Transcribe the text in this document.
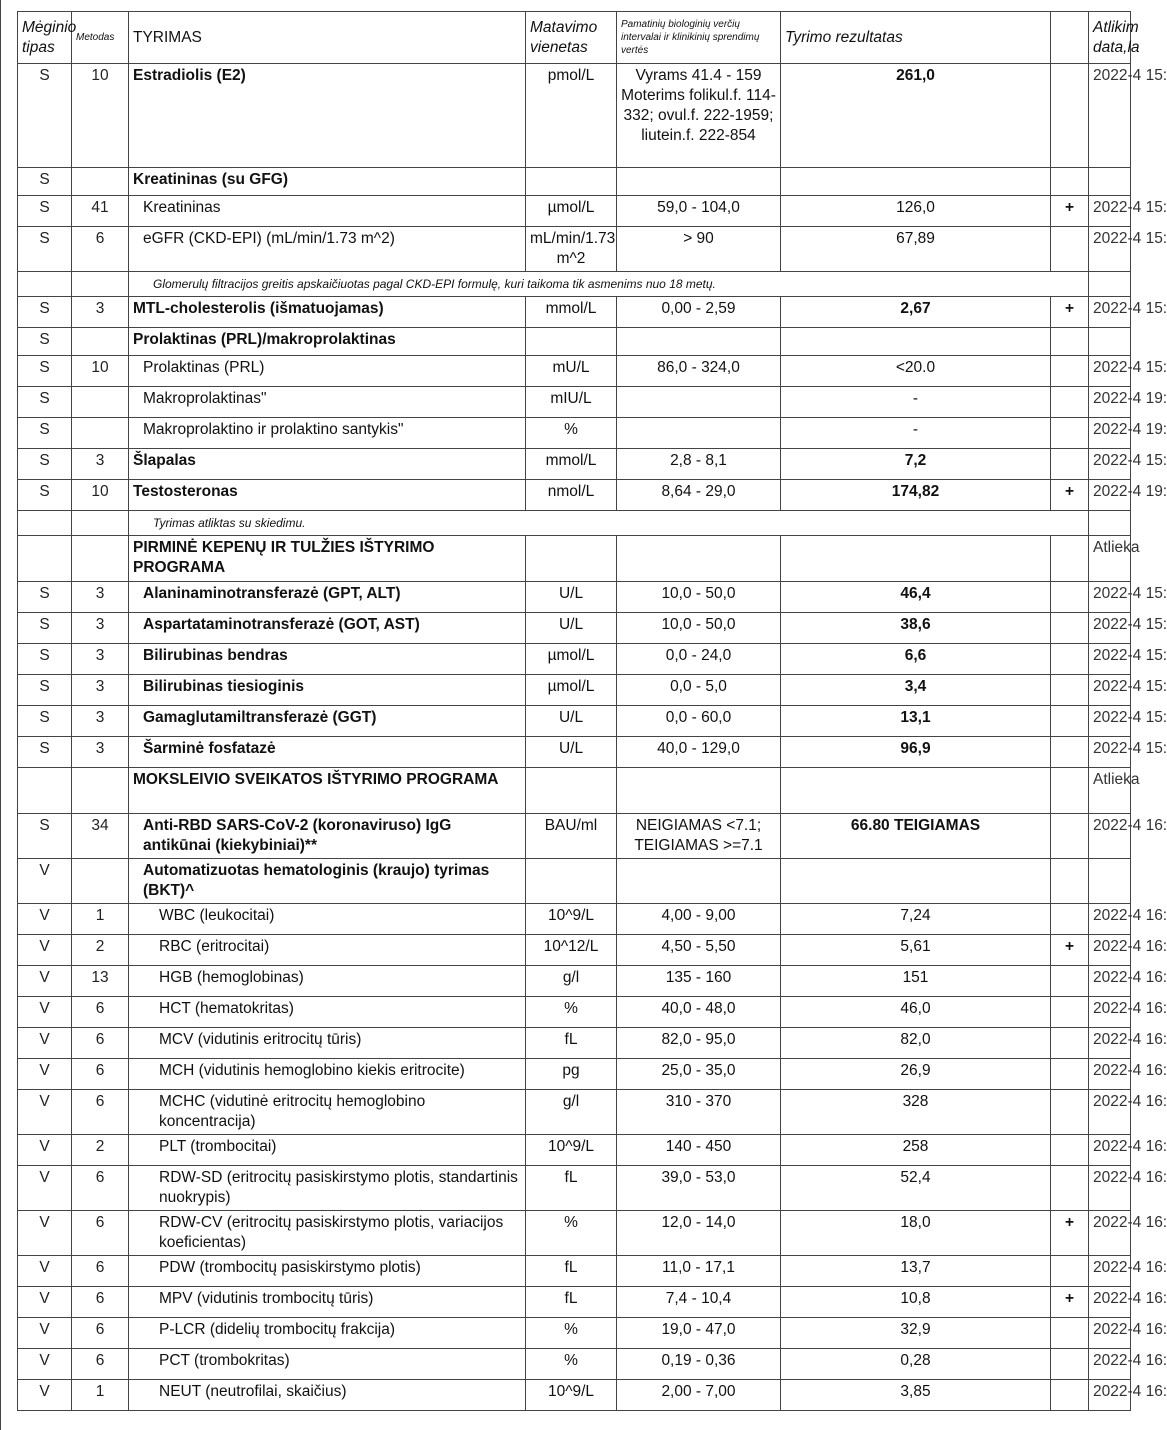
Mėginio tipas	Metodas	TYRIMAS	Matavimo vienetas	Pamatinių biologinių verčių intervalai ir klinikinių sprendimų vertės	Tyrimo rezultatas		Atlikim data,la
S	10	Estradiolis (E2)	pmol/L	Vyrams 41.4 - 159 Moterims folikul.f. 114-332; ovul.f. 222-1959; liutein.f. 222-854	261,0		2022-4 15:
S		Kreatininas (su GFG)					
S	41	Kreatininas	µmol/L	59,0 - 104,0	126,0	+	2022-4 15:
S	6	eGFR (CKD-EPI) (mL/min/1.73 m^2)	mL/min/1.73 m^2	> 90	67,89		2022-4 15:
		Glomerulų filtracijos greitis apskaičiuotas pagal CKD-EPI formulę, kuri taikoma tik asmenims nuo 18 metų.					
S	3	MTL-cholesterolis (išmatuojamas)	mmol/L	0,00 - 2,59	2,67	+	2022-4 15:
S		Prolaktinas (PRL)/makroprolaktinas					
S	10	Prolaktinas (PRL)	mU/L	86,0 - 324,0	<20.0		2022-4 15:
S		Makroprolaktinas"	mIU/L		-		2022-4 19:
S		Makroprolaktino ir prolaktino santykis"	%		-		2022-4 19:
S	3	Šlapalas	mmol/L	2,8 - 8,1	7,2		2022-4 15:
S	10	Testosteronas	nmol/L	8,64 - 29,0	174,82	+	2022-4 19:
		Tyrimas atliktas su skiedimu.					
		PIRMINĖ KEPENŲ IR TULŽIES IŠTYRIMO PROGRAMA					Atlieka
S	3	Alaninaminotransferazė (GPT, ALT)	U/L	10,0 - 50,0	46,4		2022-4 15:
S	3	Aspartataminotransferazė (GOT, AST)	U/L	10,0 - 50,0	38,6		2022-4 15:
S	3	Bilirubinas bendras	µmol/L	0,0 - 24,0	6,6		2022-4 15:
S	3	Bilirubinas tiesioginis	µmol/L	0,0 - 5,0	3,4		2022-4 15:
S	3	Gamaglutamiltransferazė (GGT)	U/L	0,0 - 60,0	13,1		2022-4 15:
S	3	Šarminė fosfatazė	U/L	40,0 - 129,0	96,9		2022-4 15:
		MOKSLEIVIO SVEIKATOS IŠTYRIMO PROGRAMA					Atlieka
S	34	Anti-RBD SARS-CoV-2 (koronaviruso) IgG antikūnai (kiekybiniai)**	BAU/ml	NEIGIAMAS <7.1; TEIGIAMAS >=7.1	66.80 TEIGIAMAS		2022-4 16:
V		Automatizuotas hematologinis (kraujo) tyrimas (BKT)^					
V	1	WBC (leukocitai)	10^9/L	4,00 - 9,00	7,24		2022-4 16:
V	2	RBC (eritrocitai)	10^12/L	4,50 - 5,50	5,61	+	2022-4 16:
V	13	HGB (hemoglobinas)	g/l	135 - 160	151		2022-4 16:
V	6	HCT (hematokritas)	%	40,0 - 48,0	46,0		2022-4 16:
V	6	MCV (vidutinis eritrocitų tūris)	fL	82,0 - 95,0	82,0		2022-4 16:
V	6	MCH (vidutinis hemoglobino kiekis eritrocite)	pg	25,0 - 35,0	26,9		2022-4 16:
V	6	MCHC (vidutinė eritrocitų hemoglobino koncentracija)	g/l	310 - 370	328		2022-4 16:
V	2	PLT (trombocitai)	10^9/L	140 - 450	258		2022-4 16:
V	6	RDW-SD (eritrocitų pasiskirstymo plotis, standartinis nuokrypis)	fL	39,0 - 53,0	52,4		2022-4 16:
V	6	RDW-CV (eritrocitų pasiskirstymo plotis, variacijos koeficientas)	%	12,0 - 14,0	18,0	+	2022-4 16:
V	6	PDW (trombocitų pasiskirstymo plotis)	fL	11,0 - 17,1	13,7		2022-4 16:
V	6	MPV (vidutinis trombocitų tūris)	fL	7,4 - 10,4	10,8	+	2022-4 16:
V	6	P-LCR (didelių trombocitų frakcija)	%	19,0 - 47,0	32,9		2022-4 16:
V	6	PCT (trombokritas)	%	0,19 - 0,36	0,28		2022-4 16:
V	1	NEUT (neutrofilai, skaičius)	10^9/L	2,00 - 7,00	3,85		2022-4 16:
